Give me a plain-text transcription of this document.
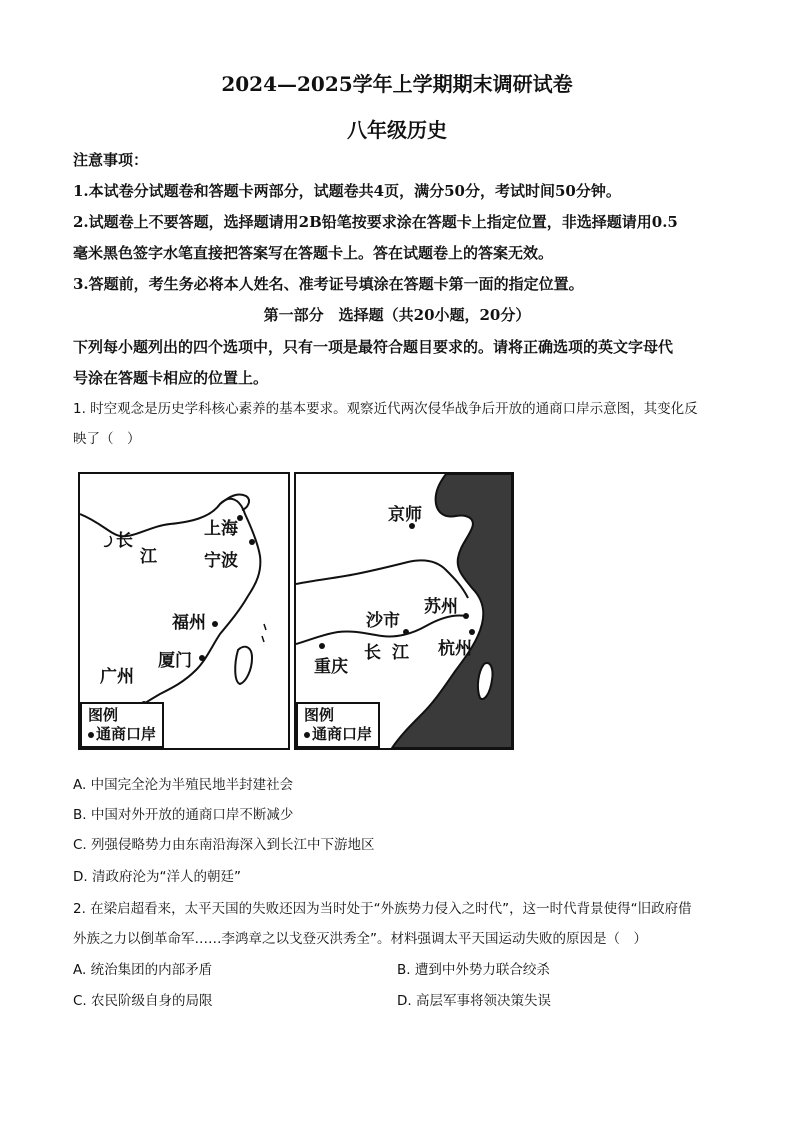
2024—2025学年上学期期末调研试卷
八年级历史
注意事项：
1.本试卷分试题卷和答题卡两部分，试题卷共4页，满分50分，考试时间50分钟。
2.试题卷上不要答题，选择题请用2B铅笔按要求涂在答题卡上指定位置，非选择题请用0.5
毫米黑色签字水笔直接把答案写在答题卡上。答在试题卷上的答案无效。
3.答题前，考生务必将本人姓名、准考证号填涂在答题卡第一面的指定位置。
第一部分　选择题（共20小题，20分）
下列每小题列出的四个选项中，只有一项是最符合题目要求的。请将正确选项的英文字母代
号涂在答题卡相应的位置上。
1. 时空观念是历史学科核心素养的基本要求。观察近代两次侵华战争后开放的通商口岸示意图，其变化反
映了（　）
上海
宁波
长
江
福州
厦门
广州
图例
通商口岸
京师
苏州
沙市
长 江 杭州
重庆
图例
通商口岸
A. 中国完全沦为半殖民地半封建社会
B. 中国对外开放的通商口岸不断减少
C. 列强侵略势力由东南沿海深入到长江中下游地区
D. 清政府沦为“洋人的朝廷”
2. 在梁启超看来，太平天国的失败还因为当时处于“外族势力侵入之时代”，这一时代背景使得“旧政府借
外族之力以倒革命军……李鸿章之以戈登灭洪秀全”。材料强调太平天国运动失败的原因是（　）
A. 统治集团的内部矛盾	B. 遭到中外势力联合绞杀
C. 农民阶级自身的局限	D. 高层军事将领决策失误
